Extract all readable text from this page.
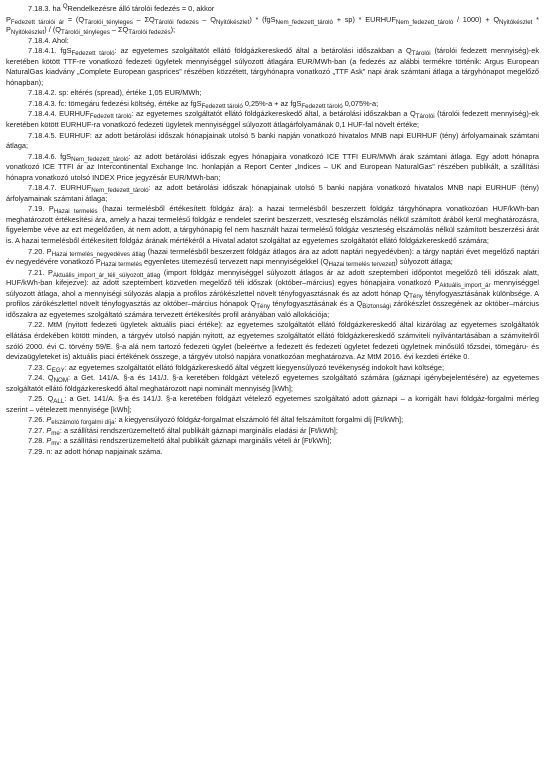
7.18.3. ha $^Q$Rendelkezésre álló tárolói fedezés = 0, akkor

$P_{Fedezett tárolói ár} = (Q_{Tárolói\_tényleges} - \Sigma Q_{Tárolói fedezés} - Q_{Nyitókészlet}) * (fgS_{Nem\_fedezett\_tároló} + sp)$ * $EURHUF_{Nem\_fedezett\_tároló} / 1000) + Q_{Nyitókészlet} * P_{Nyitókészlet}) / (Q_{Tárolói\_tényleges} - \Sigma Q_{Tárolói fedezés})$;

7.18.4. Ahol:

7.18.4.1. fgS$_{Fedezett tároló}$: az egyetemes szolgáltatót ellátó földgázkereskedő által a betárolási időszakban a $Q_{Tárolói}$ (tárolói fedezett mennyiség)-ek keretében kötött TTF-re vonatkozó fedezeti ügyletek mennyiséggel súlyozott átlagára EUR/MWh-ban (a fedezés az alábbi termékre történik: Argus European NaturalGas kiadvány „Complete European gasprices” részében közzétett, tárgyhónapra vonatkozó „TTF Ask” napi árak számtani átlaga a tárgyhónapot megelőző hónapban);

7.18.4.2. sp: eltérés (spread), értéke 1,05 EUR/MWh;

7.18.4.3. fc: tömegáru fedezési költség, értéke az fgS$_{Fedezett tároló}$ 0,25%-a + az fgS$_{Fedezett tároló}$ 0,075%-a;

7.18.4.4. $EURHUF_{Fedezett tároló}$: az egyetemes szolgáltatót ellátó földgázkereskedő által, a betárolási időszakban a $Q_{Tárolói}$ (tárolói fedezett mennyiség)-ek keretében kötött EURHUF-ra vonatkozó fedezeti ügyletek mennyiséggel súlyozott átlagárfolyamának 0,1 HUF-fal növelt értéke;

7.18.4.5. EURHUF: az adott betárolási időszak hónapjainak utolsó 5 banki napján vonatkozó hivatalos MNB napi EURHUF (tény) árfolyamainak számtani átlaga;

7.18.4.6. fgS$_{Nem\_fedezett\_tároló}$: az adott betárolási időszak egyes hónapjaira vonatkozó ICE TTFI EUR/MWh árak számtani átlaga. Egy adott hónapra vonatkozó ICE TTFI ár az Intercontinental Exchange Inc. honlapján a Report Center „Indices – UK and European NaturalGas” részében publikált, a szállítási hónapra vonatkozó utolsó INDEX Price jegyzésár EUR/MWh-ban;

7.18.4.7. $EURHUF_{Nem\_fedezett\_tároló}$: az adott betárolási időszak hónapjainak utolsó 5 banki napjára vonatkozó hivatalos MNB napi EURHUF (tény) árfolyamainak számtani átlaga;

7.19. $P_{Hazai termelés}$ (hazai termelésből értékesített földgáz ára): a hazai termelésből beszerzett földgáz tárgyhónapra vonatkozóan HUF/kWh-ban meghatározott értékesítési ára, amely a hazai termelésű földgáz e rendelet szerint beszerzett, veszteség elszámolás nélkül számított árából kerül meghatározásra, figyelembe véve az ezt megelőzően, át nem adott, a tárgyhónapig fel nem használt hazai termelésű földgáz veszteség elszámolás nélkül számított beszerzési árát is. A hazai termelésből értékesített földgáz árának mértékéről a Hivatal adatot szolgáltat az egyetemes szolgáltatót ellátó földgázkereskedő számára;

7.20. $P_{Hazai termelés\_negyedéves átlag}$ (hazai termelésből beszerzett földgáz átlagos ára az adott naptári negyedévben): a tárgy naptári évet megelőző naptári év negyedévére vonatkozó $P_{Hazai termelés}$ egyenletes ütemezésű tervezett napi mennyiségekkel $(Q_{Hazai termelés tervezett})$ súlyozott átlaga;

7.21. $P_{Aktuális\_import\_ár\_téli\_súlyozott\_átlag}$ (import földgáz mennyiséggel súlyozott átlagos ár az adott szeptemberi időpontot megelőző téli időszak alatt, HUF/kWh-ban kifejezve): az adott szeptembert közvetlen megelőző téli időszak (október–március) egyes hónapjaira vonatkozó $P_{Aktuális\_import\_ár}$ mennyiséggel súlyozott átlaga, ahol a mennyiségi súlyozás alapja a profilos zárókészlettel növelt tényfogyasztásnak és az adott hónap $Q_{Tény}$ tényfogyasztásának különbsége. A profilos zárókészlettel növelt tényfogyasztás az október–március hónapok $Q_{Tény}$ tényfogyasztásának és a $Q_{Biztonsági}$ zárókészlet összegének az október–március időszakra az egyetemes szolgáltató számára tervezett értékesítés profil arányában való allokációja;

7.22. MtM (nyitott fedezeti ügyletek aktuális piaci értéke): az egyetemes szolgáltatót ellátó földgázkereskedő által kizárólag az egyetemes szolgáltatók ellátása érdekében kötött minden, a tárgyév utolsó napján nyitott, az egyetemes szolgáltatót ellátó földgázkereskedő számviteli nyilvántartásában a számvitelről szóló 2000. évi C. törvény 59/E. §-a alá nem tartozó fedezeti ügylet (beleértve a fedezett és fedezeti ügyletet fedezeti ügyletnek minősülő tőzsdei, tömegáru- és devizaügyleteket is) aktuális piaci értékének összege, a tárgyév utolsó napjára vonatkozóan meghatározva. Az MtM 2016. évi kezdeti értéke 0.

7.23. $C_{EGY}$: az egyetemes szolgáltatót ellátó földgázkereskedő által végzett kiegyensúlyozó tevékenység indokolt havi költsége;

7.24. $Q_{NOM}$: a Get. 141/A. §-a és 141/J. §-a keretében földgázt vételező egyetemes szolgáltató számára (gáznapi igénybejelentésére) az egyetemes szolgáltatót ellátó földgázkereskedő által meghatározott napi nominált mennyiség [kWh];

7.25. $Q_{ALL}$: a Get. 141/A. §-a és 141/J. §-a keretében földgázt vételező egyetemes szolgáltató adott gáznapi – a korrigált havi földgáz-forgalmi mérleg szerint – vételezett mennyisége [kWh];

7.26. $P_{elszámoló forgalmi díja}$: a kiegyensúlyozó földgáz-forgalmat elszámoló fél által felszámított forgalmi díj [Ft/kWh];

7.27. $P_{me}$: a szállítási rendszerüzemeltető által publikált gáznapi marginális eladási ár [Ft/kWh];

7.28. $P_{mv}$: a szállítási rendszerüzemeltető által publikált gáznapi marginális vételi ár [Ft/kWh];

7.29. n: az adott hónap napjainak száma.
